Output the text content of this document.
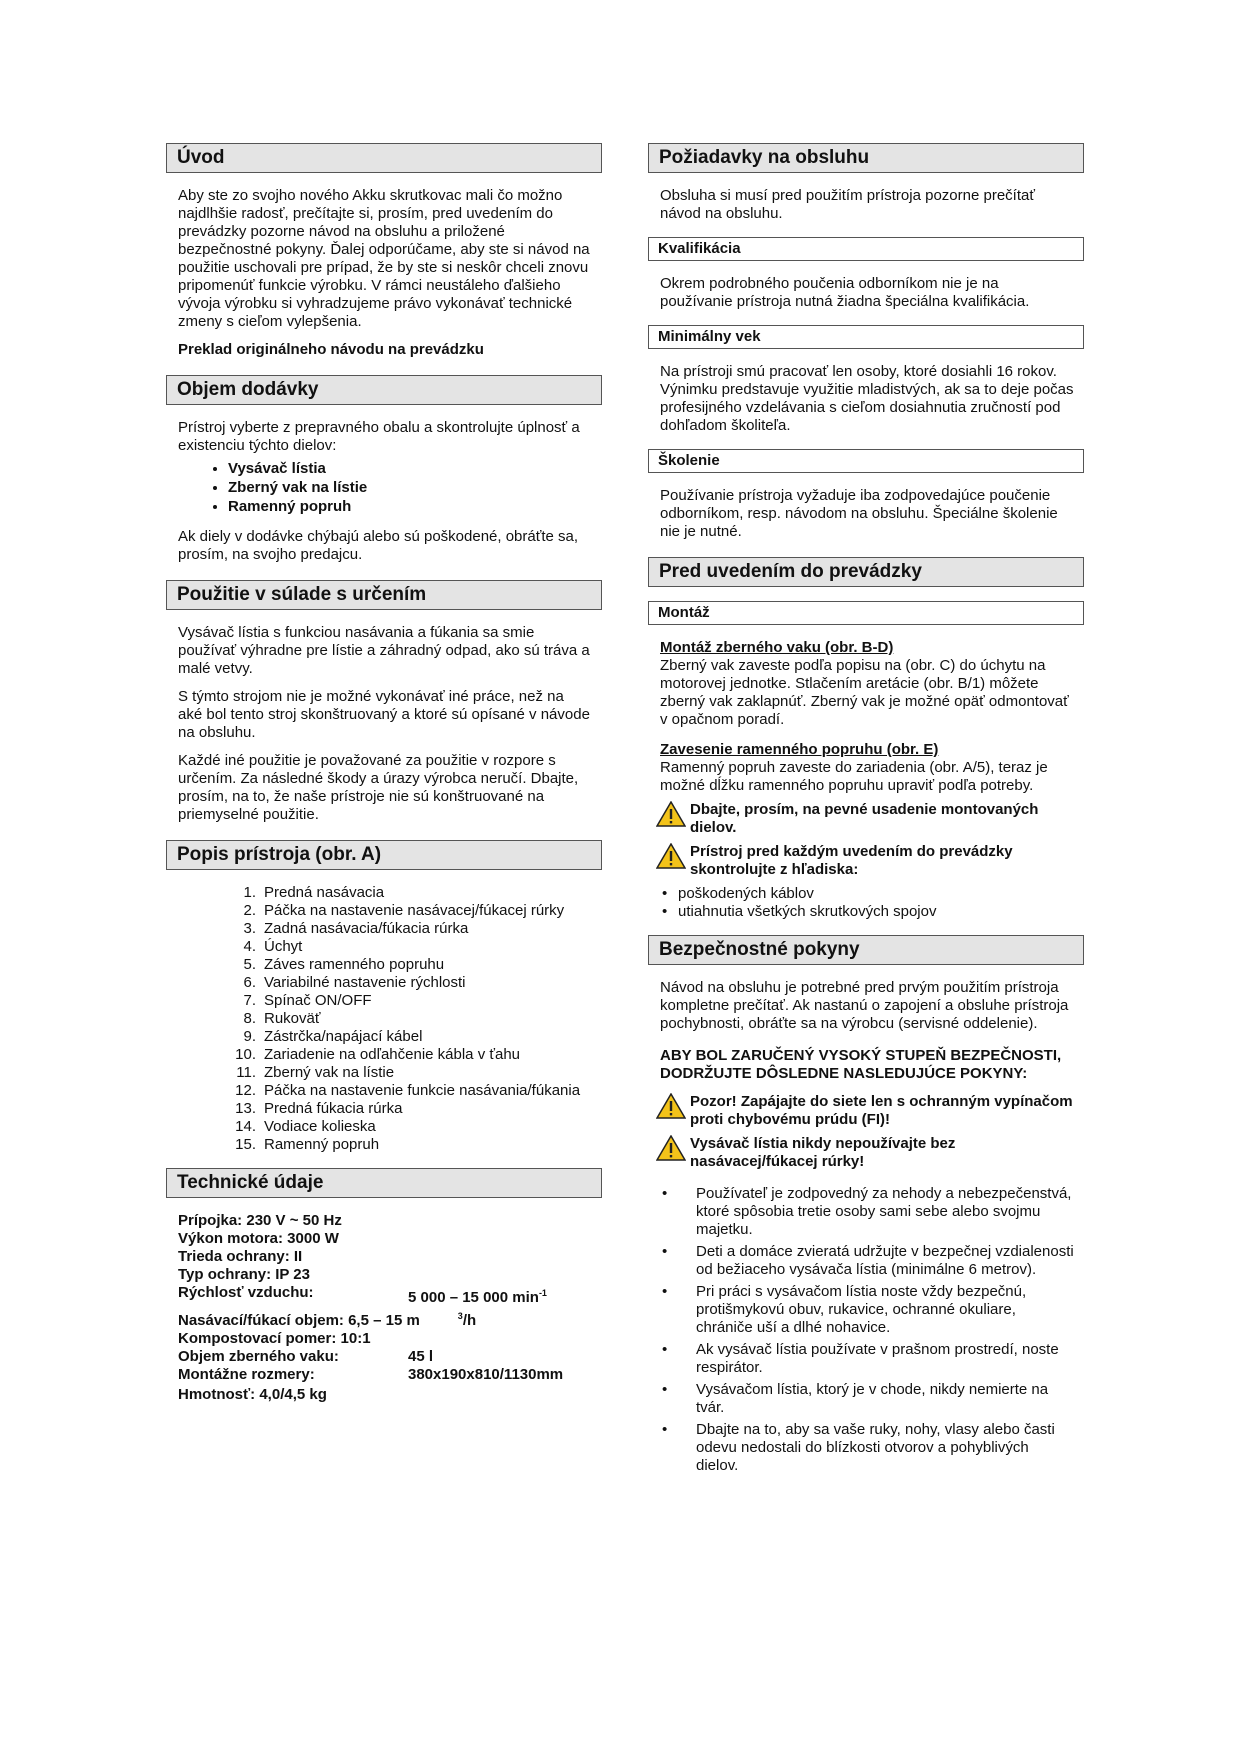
Úvod

Aby ste zo svojho nového Akku skrutkovac mali čo možno najdlhšie radosť, prečítajte si, prosím, pred uvedením do prevádzky pozorne návod na obsluhu a priložené bezpečnostné pokyny. Ďalej odporúčame, aby ste si návod na použitie uschovali pre prípad, že by ste si neskôr chceli znovu pripomenúť funkcie výrobku. V rámci neustáleho ďalšieho vývoja výrobku si vyhradzujeme právo vykonávať technické zmeny s cieľom vylepšenia.

Preklad originálneho návodu na prevádzku

Objem dodávky

Prístroj vyberte z prepravného obalu a skontrolujte úplnosť a existenciu týchto dielov:

• Vysávač lístia
• Zberný vak na lístie
• Ramenný popruh

Ak diely v dodávke chýbajú alebo sú poškodené, obráťte sa, prosím, na svojho predajcu.

Použitie v súlade s určením

Vysávač lístia s funkciou nasávania a fúkania sa smie používať výhradne pre lístie a záhradný odpad, ako sú tráva a malé vetvy.

S týmto strojom nie je možné vykonávať iné práce, než na aké bol tento stroj skonštruovaný a ktoré sú opísané v návode na obsluhu.

Každé iné použitie je považované za použitie v rozpore s určením. Za následné škody a úrazy výrobca neručí. Dbajte, prosím, na to, že naše prístroje nie sú konštruované na priemyselné použitie.

Popis prístroja (obr. A)
1. Predná nasávacia
2. Páčka na nastavenie nasávacej/fúkacej rúrky
3. Zadná nasávacia/fúkacia rúrka
4. Úchyt
5. Záves ramenného popruhu
6. Variabilné nastavenie rýchlosti
7. Spínač ON/OFF
8. Rukoväť
9. Zástrčka/napájací kábel
10. Zariadenie na odľahčenie kábla v ťahu
11. Zberný vak na lístie
12. Páčka na nastavenie funkcie nasávania/fúkania
13. Predná fúkacia rúrka
14. Vodiace kolieska
15. Ramenný popruh
Technické údaje
Prípojka: 230 V ~ 50 Hz
Výkon motora: 3000 W
Trieda ochrany: II
Typ ochrany: IP 23
Rýchlosť vzduchu:	5 000 – 15 000 $\min^{-1}$
Nasávací/fúkací objem: 6,5 – 15 m	$^3$/h
Kompostovací pomer: 10:1
Objem zberného vaku:	45 l
Montážne rozmery:	380x190x810/1130mm
Hmotnosť: 4,0/4,5 kg
Požiadavky na obsluhu

Obsluha si musí pred použitím prístroja pozorne prečítať návod na obsluhu.

Kvalifikácia

Okrem podrobného poučenia odborníkom nie je na používanie prístroja nutná žiadna špeciálna kvalifikácia.

Minimálny vek

Na prístroji smú pracovať len osoby, ktoré dosiahli 16 rokov. Výnimku predstavuje využitie mladistvých, ak sa to deje počas profesijného vzdelávania s cieľom dosiahnutia zručností pod dohľadom školiteľa.

Školenie

Používanie prístroja vyžaduje iba zodpovedajúce poučenie odborníkom, resp. návodom na obsluhu. Špeciálne školenie nie je nutné.

Pred uvedením do prevádzky
Montáž

Montáž zberného vaku (obr. B-D)

Zberný vak zaveste podľa popisu na (obr. C) do úchytu na motorovej jednotke. Stlačením aretácie (obr. B/1) môžete zberný vak zaklapnúť. Zberný vak je možné opäť odmontovať v opačnom poradí.

Zavesenie ramenného popruhu (obr. E)

Ramenný popruh zaveste do zariadenia (obr. A/5), teraz je možné dĺžku ramenného popruhu upraviť podľa potreby.

Dbajte, prosím, na pevné usadenie montovaných dielov.
Prístroj pred každým uvedením do prevádzky skontrolujte z hľadiska:
• poškodených káblov
• utiahnutia všetkých skrutkových spojov
Bezpečnostné pokyny

Návod na obsluhu je potrebné pred prvým použitím prístroja kompletne prečítať. Ak nastanú o zapojení a obsluhe prístroja pochybnosti, obráťte sa na výrobcu (servisné oddelenie).

ABY BOL ZARUČENÝ VYSOKÝ STUPEŇ BEZPEČNOSTI, DODRŽUJTE DÔSLEDNE NASLEDUJÚCE POKYNY:
Pozor! Zapájajte do siete len s ochranným vypínačom proti chybovému prúdu (FI)!
Vysávač lístia nikdy nepoužívajte bez nasávacej/fúkacej rúrky!
• Používateľ je zodpovedný za nehody a nebezpečenstvá, ktoré spôsobia tretie osoby sami sebe alebo svojmu majetku.
• Deti a domáce zvieratá udržujte v bezpečnej vzdialenosti od bežiaceho vysávača lístia (minimálne 6 metrov).
• Pri práci s vysávačom lístia noste vždy bezpečnú, protišmykovú obuv, rukavice, ochranné okuliare, chrániče uší a dlhé nohavice.
• Ak vysávač lístia používate v prašnom prostredí, noste respirátor.
• Vysávačom lístia, ktorý je v chode, nikdy nemierte na tvár.
• Dbajte na to, aby sa vaše ruky, nohy, vlasy alebo časti odevu nedostali do blízkosti otvorov a pohyblivých dielov.
